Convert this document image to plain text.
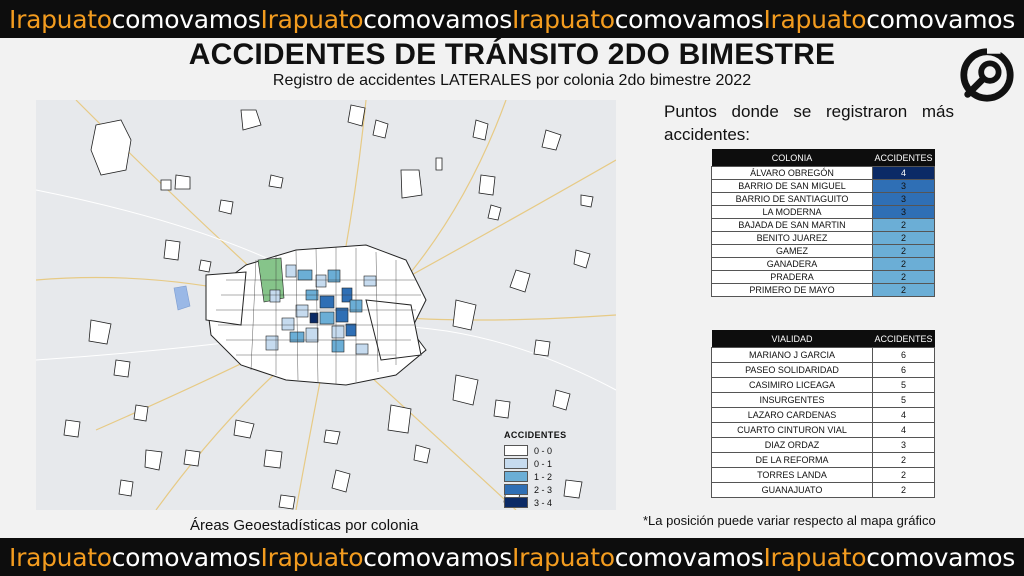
Irapuato comovamos Irapuato comovamos Irapuato comovamos Irapuato comovamos
ACCIDENTES DE TRÁNSITO 2DO BIMESTRE
Registro de accidentes LATERALES por colonia 2do bimestre 2022
ACCIDENTES
0 - 0
0 - 1
1 - 2
2 - 3
3 - 4
Áreas Geoestadísticas por colonia
Puntos donde se registraron más accidentes:
COLONIA	ACCIDENTES
ÁLVARO OBREGÓN	4
BARRIO DE SAN MIGUEL	3
BARRIO DE SANTIAGUITO	3
LA MODERNA	3
BAJADA DE SAN MARTIN	2
BENITO JUAREZ	2
GAMEZ	2
GANADERA	2
PRADERA	2
PRIMERO DE MAYO	2
VIALIDAD	ACCIDENTES
MARIANO J GARCIA	6
PASEO SOLIDARIDAD	6
CASIMIRO LICEAGA	5
INSURGENTES	5
LAZARO CARDENAS	4
CUARTO CINTURON VIAL	4
DIAZ ORDAZ	3
DE LA REFORMA	2
TORRES LANDA	2
GUANAJUATO	2
*La posición puede variar respecto al mapa gráfico
Irapuato comovamos Irapuato comovamos Irapuato comovamos Irapuato comovamos
